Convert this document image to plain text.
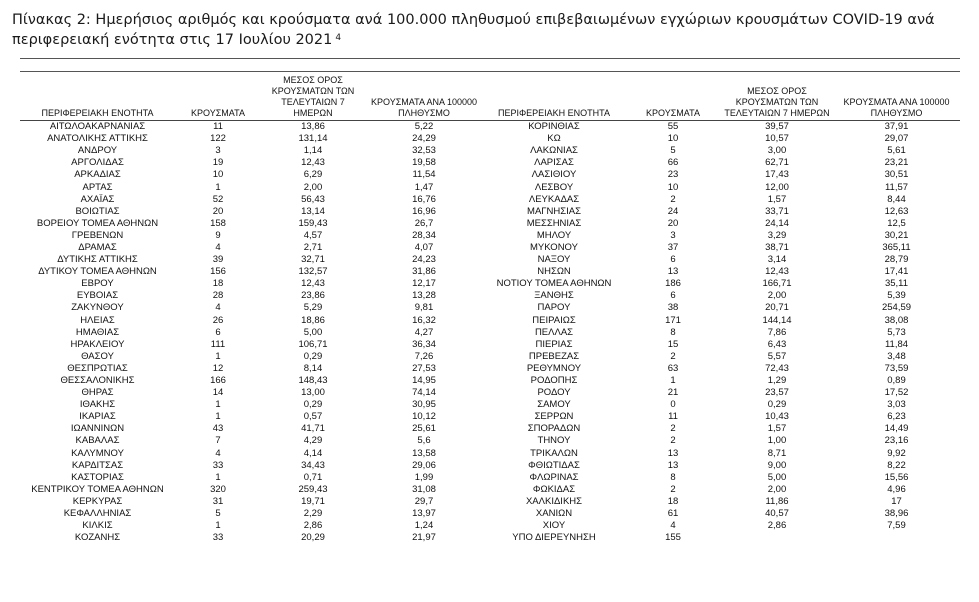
Πίνακας 2: Ημερήσιος αριθμός και κρούσματα ανά 100.000 πληθυσμού επιβεβαιωμένων εγχώριων κρουσμάτων COVID-19 ανά περιφερειακή ενότητα στις 17 Ιουλίου 2021 $^4$
ΠΕΡΙΦΕΡΕΙΑΚΗ ΕΝΟΤΗΤΑ	ΚΡΟΥΣΜΑΤΑ	ΜΕΣΟΣ ΟΡΟΣ ΚΡΟΥΣΜΑΤΩΝ ΤΩΝ ΤΕΛΕΥΤΑΙΩΝ 7 ΗΜΕΡΩΝ	ΚΡΟΥΣΜΑΤΑ ΑΝΑ 100000 ΠΛΗΘΥΣΜΟ	ΠΕΡΙΦΕΡΕΙΑΚΗ ΕΝΟΤΗΤΑ	ΚΡΟΥΣΜΑΤΑ	ΜΕΣΟΣ ΟΡΟΣ ΚΡΟΥΣΜΑΤΩΝ ΤΩΝ ΤΕΛΕΥΤΑΙΩΝ 7 ΗΜΕΡΩΝ	ΚΡΟΥΣΜΑΤΑ ΑΝΑ 100000 ΠΛΗΘΥΣΜΟ
ΑΙΤΩΛΟΑΚΑΡΝΑΝΙΑΣ	11	13,86	5,22	ΚΟΡΙΝΘΙΑΣ	55	39,57	37,91
ΑΝΑΤΟΛΙΚΗΣ ΑΤΤΙΚΗΣ	122	131,14	24,29	ΚΩ	10	10,57	29,07
ΑΝΔΡΟΥ	3	1,14	32,53	ΛΑΚΩΝΙΑΣ	5	3,00	5,61
ΑΡΓΟΛΙΔΑΣ	19	12,43	19,58	ΛΑΡΙΣΑΣ	66	62,71	23,21
ΑΡΚΑΔΙΑΣ	10	6,29	11,54	ΛΑΣΙΘΙΟΥ	23	17,43	30,51
ΑΡΤΑΣ	1	2,00	1,47	ΛΕΣΒΟΥ	10	12,00	11,57
ΑΧΑΪΑΣ	52	56,43	16,76	ΛΕΥΚΑΔΑΣ	2	1,57	8,44
ΒΟΙΩΤΙΑΣ	20	13,14	16,96	ΜΑΓΝΗΣΙΑΣ	24	33,71	12,63
ΒΟΡΕΙΟΥ ΤΟΜΕΑ ΑΘΗΝΩΝ	158	159,43	26,7	ΜΕΣΣΗΝΙΑΣ	20	24,14	12,5
ΓΡΕΒΕΝΩΝ	9	4,57	28,34	ΜΗΛΟΥ	3	3,29	30,21
ΔΡΑΜΑΣ	4	2,71	4,07	ΜΥΚΟΝΟΥ	37	38,71	365,11
ΔΥΤΙΚΗΣ ΑΤΤΙΚΗΣ	39	32,71	24,23	ΝΑΞΟΥ	6	3,14	28,79
ΔΥΤΙΚΟΥ ΤΟΜΕΑ ΑΘΗΝΩΝ	156	132,57	31,86	ΝΗΣΩΝ	13	12,43	17,41
ΕΒΡΟΥ	18	12,43	12,17	ΝΟΤΙΟΥ ΤΟΜΕΑ ΑΘΗΝΩΝ	186	166,71	35,11
ΕΥΒΟΙΑΣ	28	23,86	13,28	ΞΑΝΘΗΣ	6	2,00	5,39
ΖΑΚΥΝΘΟΥ	4	5,29	9,81	ΠΑΡΟΥ	38	20,71	254,59
ΗΛΕΙΑΣ	26	18,86	16,32	ΠΕΙΡΑΙΩΣ	171	144,14	38,08
ΗΜΑΘΙΑΣ	6	5,00	4,27	ΠΕΛΛΑΣ	8	7,86	5,73
ΗΡΑΚΛΕΙΟΥ	111	106,71	36,34	ΠΙΕΡΙΑΣ	15	6,43	11,84
ΘΑΣΟΥ	1	0,29	7,26	ΠΡΕΒΕΖΑΣ	2	5,57	3,48
ΘΕΣΠΡΩΤΙΑΣ	12	8,14	27,53	ΡΕΘΥΜΝΟΥ	63	72,43	73,59
ΘΕΣΣΑΛΟΝΙΚΗΣ	166	148,43	14,95	ΡΟΔΟΠΗΣ	1	1,29	0,89
ΘΗΡΑΣ	14	13,00	74,14	ΡΟΔΟΥ	21	23,57	17,52
ΙΘΑΚΗΣ	1	0,29	30,95	ΣΑΜΟΥ	0	0,29	3,03
ΙΚΑΡΙΑΣ	1	0,57	10,12	ΣΕΡΡΩΝ	11	10,43	6,23
ΙΩΑΝΝΙΝΩΝ	43	41,71	25,61	ΣΠΟΡΑΔΩΝ	2	1,57	14,49
ΚΑΒΑΛΑΣ	7	4,29	5,6	ΤΗΝΟΥ	2	1,00	23,16
ΚΑΛΥΜΝΟΥ	4	4,14	13,58	ΤΡΙΚΑΛΩΝ	13	8,71	9,92
ΚΑΡΔΙΤΣΑΣ	33	34,43	29,06	ΦΘΙΩΤΙΔΑΣ	13	9,00	8,22
ΚΑΣΤΟΡΙΑΣ	1	0,71	1,99	ΦΛΩΡΙΝΑΣ	8	5,00	15,56
ΚΕΝΤΡΙΚΟΥ ΤΟΜΕΑ ΑΘΗΝΩΝ	320	259,43	31,08	ΦΩΚΙΔΑΣ	2	2,00	4,96
ΚΕΡΚΥΡΑΣ	31	19,71	29,7	ΧΑΛΚΙΔΙΚΗΣ	18	11,86	17
ΚΕΦΑΛΛΗΝΙΑΣ	5	2,29	13,97	ΧΑΝΙΩΝ	61	40,57	38,96
ΚΙΛΚΙΣ	1	2,86	1,24	ΧΙΟΥ	4	2,86	7,59
ΚΟΖΑΝΗΣ	33	20,29	21,97	ΥΠΟ ΔΙΕΡΕΥΝΗΣΗ	155		
